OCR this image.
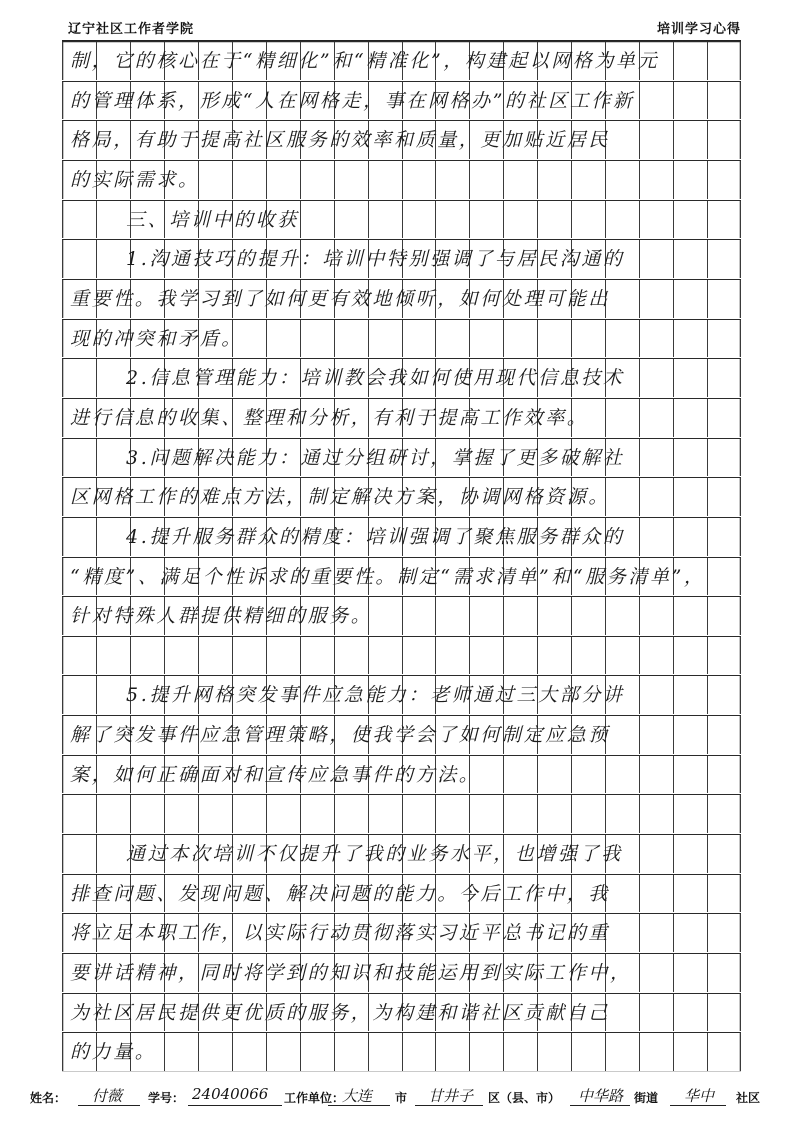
辽宁社区工作者学院	培训学习心得
制，它的核心在于“精细化”和“精准化”，构建起以网格为单元
的管理体系，形成“人在网格走，事在网格办”的社区工作新
格局，有助于提高社区服务的效率和质量，更加贴近居民
的实际需求。
三、培训中的收获
1.沟通技巧的提升：培训中特别强调了与居民沟通的
重要性。我学习到了如何更有效地倾听，如何处理可能出
现的冲突和矛盾。
2.信息管理能力：培训教会我如何使用现代信息技术
进行信息的收集、整理和分析，有利于提高工作效率。
3.问题解决能力：通过分组研讨，掌握了更多破解社
区网格工作的难点方法，制定解决方案，协调网格资源。
4.提升服务群众的精度：培训强调了聚焦服务群众的
“精度”、满足个性诉求的重要性。制定“需求清单”和“服务清单”，
针对特殊人群提供精细的服务。
5.提升网格突发事件应急能力：老师通过三大部分讲
解了突发事件应急管理策略，使我学会了如何制定应急预
案，如何正确面对和宣传应急事件的方法。
通过本次培训不仅提升了我的业务水平，也增强了我
排查问题、发现问题、解决问题的能力。今后工作中，我
将立足本职工作，以实际行动贯彻落实习近平总书记的重
要讲话精神，同时将学到的知识和技能运用到实际工作中，
为社区居民提供更优质的服务，为构建和谐社区贡献自己
的力量。
姓名： 付薇 学号： 24040066 工作单位：
大连 市 甘井子 区（县、市） 中华路 街道 华中 社区
